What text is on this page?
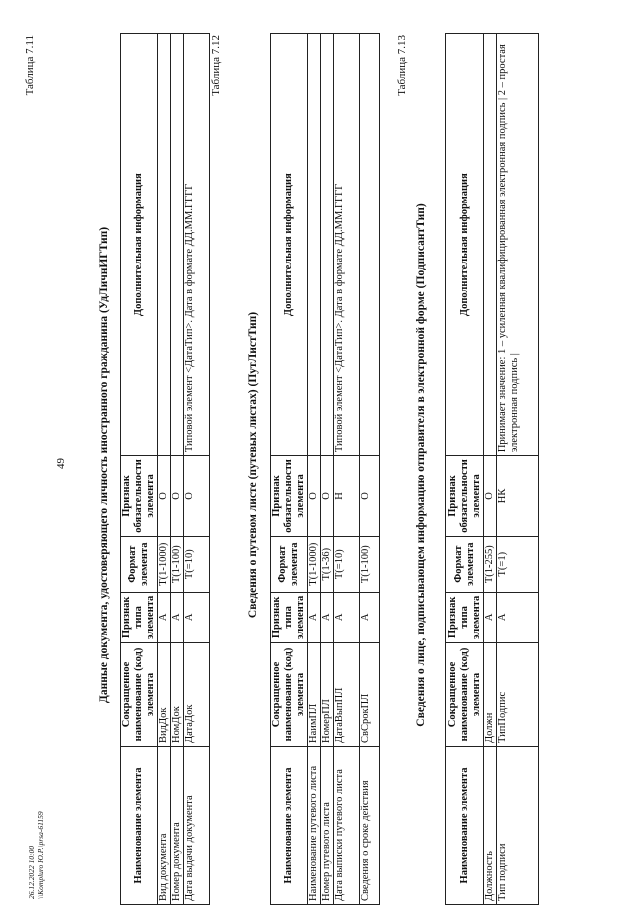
49
26.12.2022 10:00 \\Kompluro Ю.Р.\prsa-61159
Таблица 7.11
Данные документа, удостоверяющего личность иностранного гражданина (УдЛичнИГТип)
Наименование элемента	Сокращенное наименование (код) элемента	Признак типа элемента	Формат элемента	Признак обязательности элемента	Дополнительная информация
Вид документа	ВидДок	А	T(1-1000)	О	
Номер документа	НомДок	А	T(1-100)	О	
Дата выдачи документа	ДатаДок	А	T(=10)	О	Типовой элемент <ДатаТип>. Дата в формате ДД.ММ.ГГГГ
Таблица 7.12
Сведения о путевом листе (путевых листах) (ПутЛистТип)
Наименование элемента	Сокращенное наименование (код) элемента	Признак типа элемента	Формат элемента	Признак обязательности элемента	Дополнительная информация
Наименование путевого листа	НаимПЛ	А	T(1-1000)	О	
Номер путевого листа	НомерПЛ	А	T(1-36)	О	
Дата выписки путевого листа	ДатаВыпПЛ	А	T(=10)	Н	Типовой элемент <ДатаТип>. Дата в формате ДД.ММ.ГГГГ
Сведения о сроке действия	СвСрокПЛ	А	T(1-100)	О	
Таблица 7.13
Сведения о лице, подписывающем информацию отправителя в электронной форме (ПодписантТип)
Наименование элемента	Сокращенное наименование (код) элемента	Признак типа элемента	Формат элемента	Признак обязательности элемента	Дополнительная информация
Должность	Должн	А	T(1-255)	О	
Тип подписи	ТипПодпис	А	T(=1)	НК	Принимает значение: 1 – усиленная квалифицированная электронная подпись | 2 – простая электронная подпись |
